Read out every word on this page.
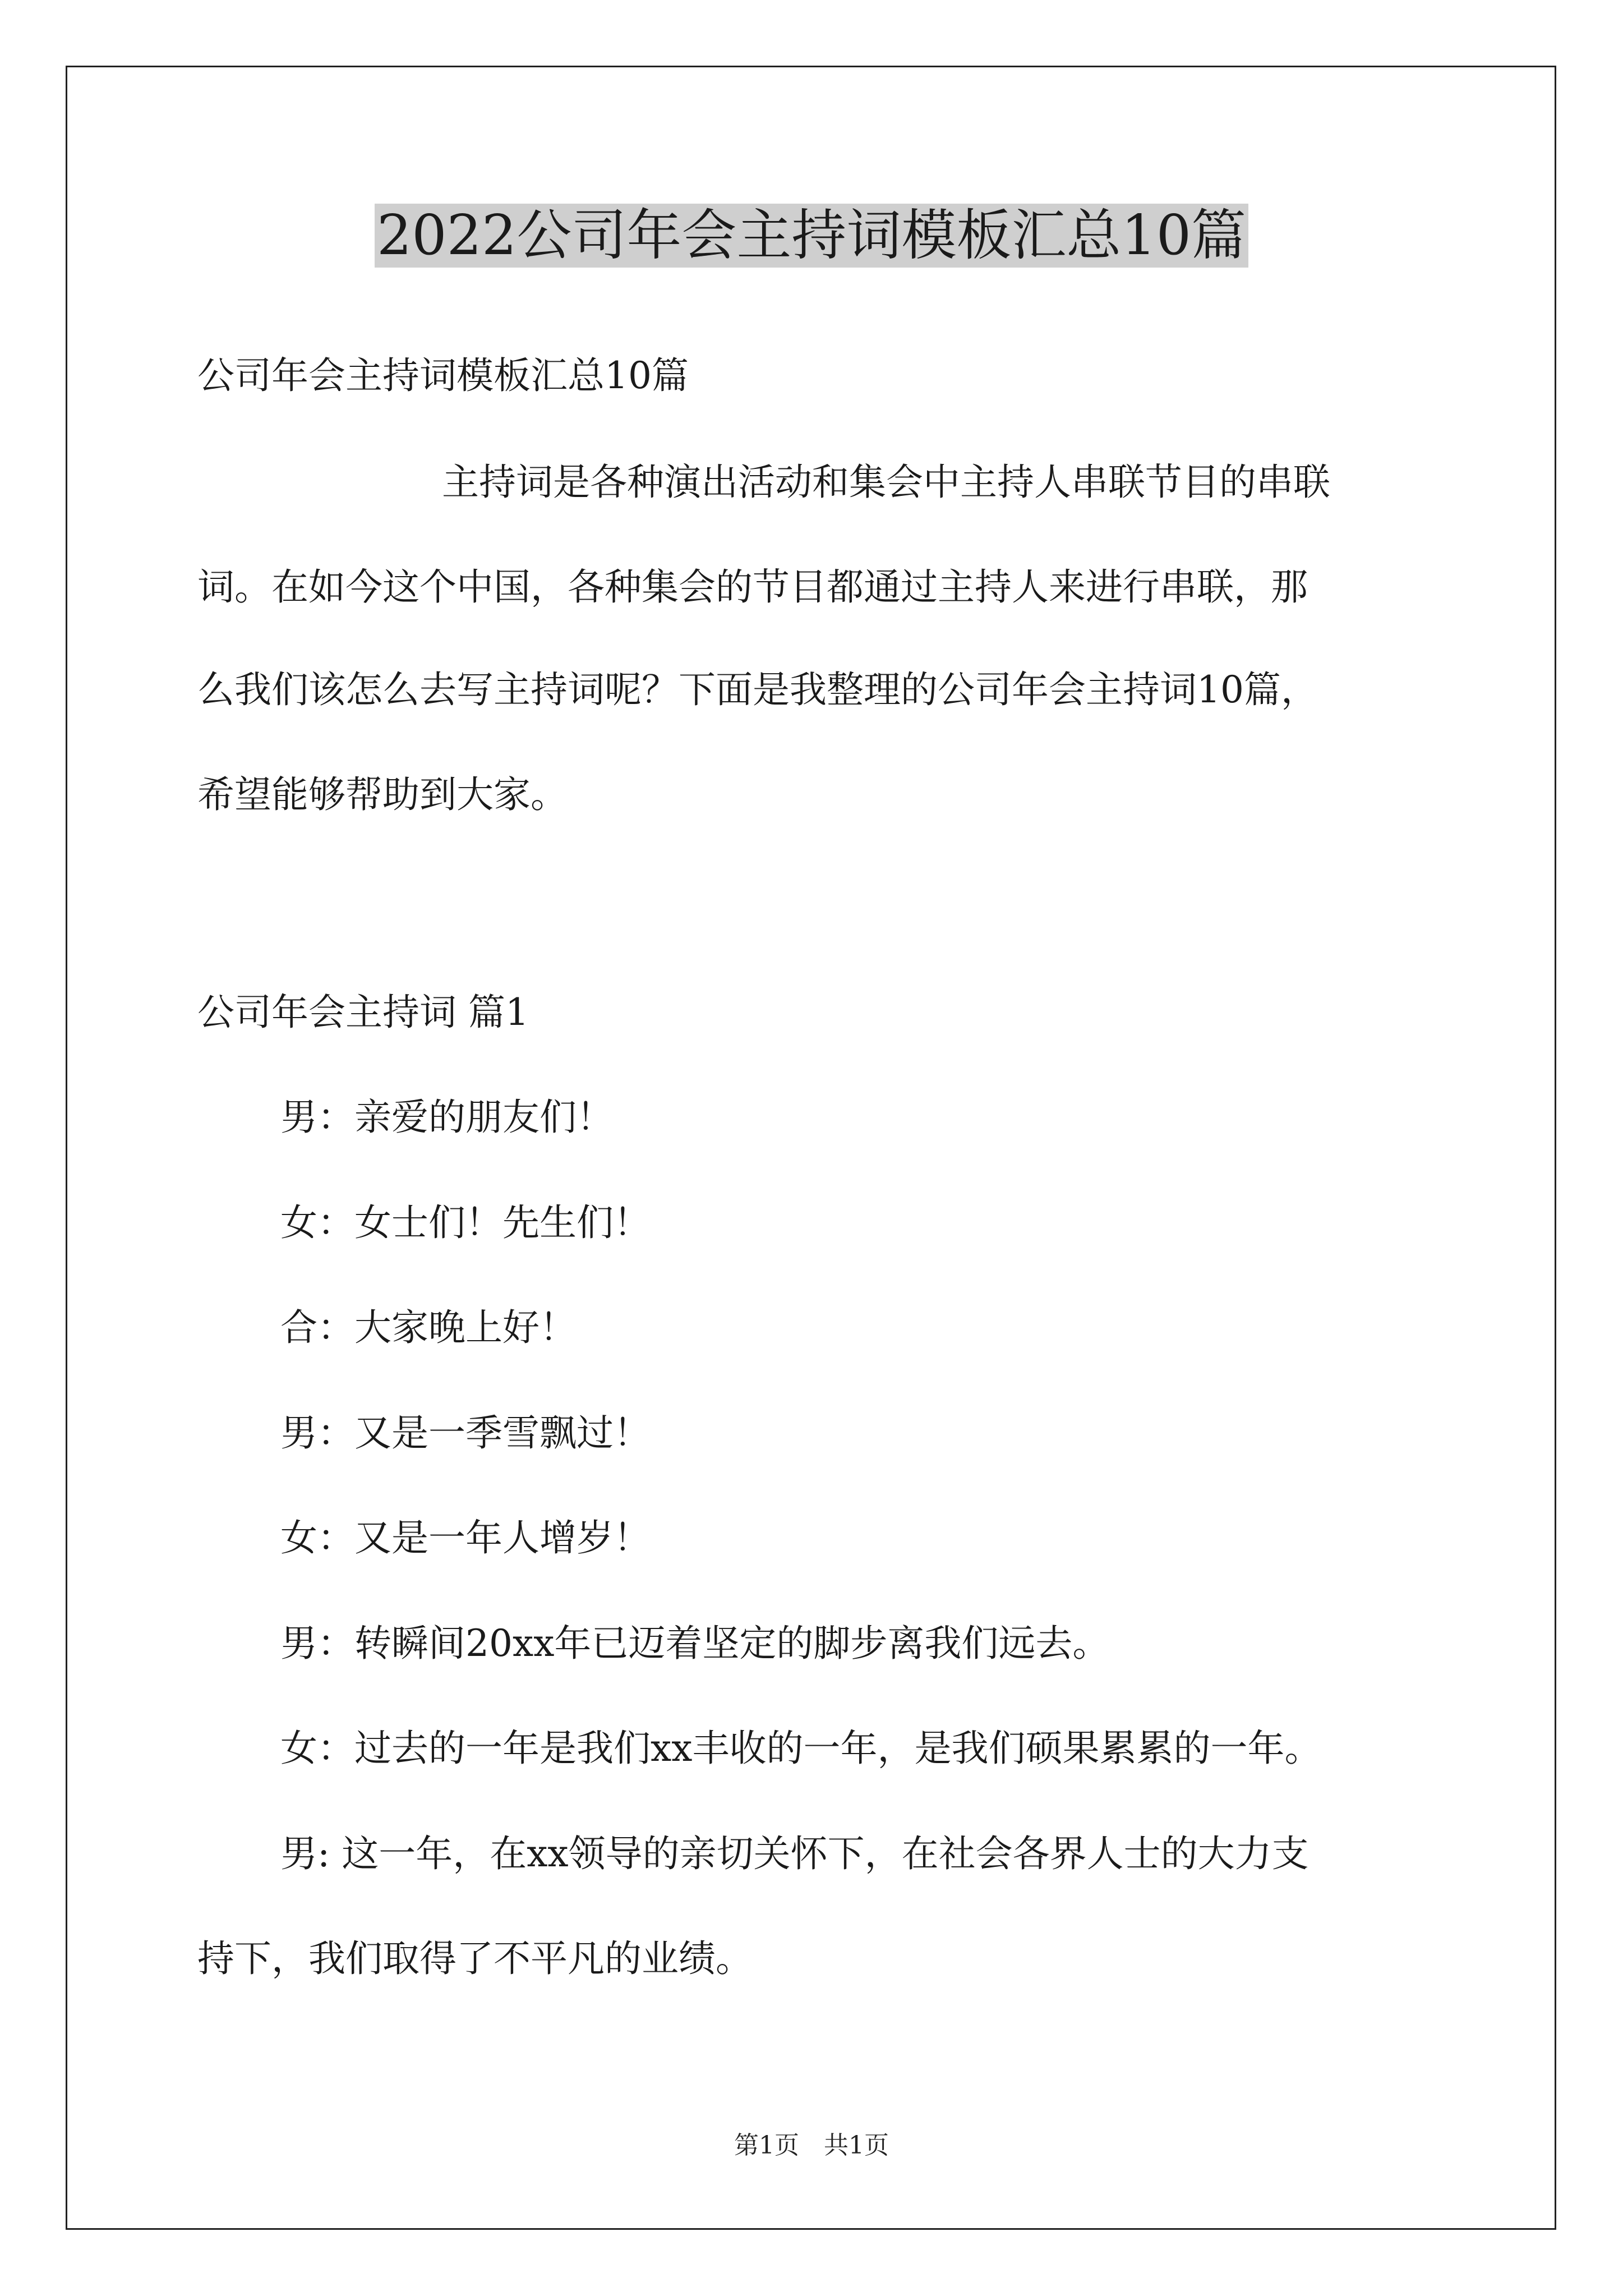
2022公司年会主持词模板汇总10篇
公司年会主持词模板汇总10篇
主持词是各种演出活动和集会中主持人串联节目的串联
词。在如今这个中国，各种集会的节目都通过主持人来进行串联，那
么我们该怎么去写主持词呢？下面是我整理的公司年会主持词10篇，
希望能够帮助到大家。
公司年会主持词 篇1
男：亲爱的朋友们！
女：女士们！先生们！
合：大家晚上好！
男：又是一季雪飘过！
女：又是一年人增岁！
男：转瞬间20xx年已迈着坚定的脚步离我们远去。
女：过去的一年是我们xx丰收的一年，是我们硕果累累的一年。
男: 这一年，在xx领导的亲切关怀下，在社会各界人士的大力支
持下，我们取得了不平凡的业绩。
第1页　共1页
